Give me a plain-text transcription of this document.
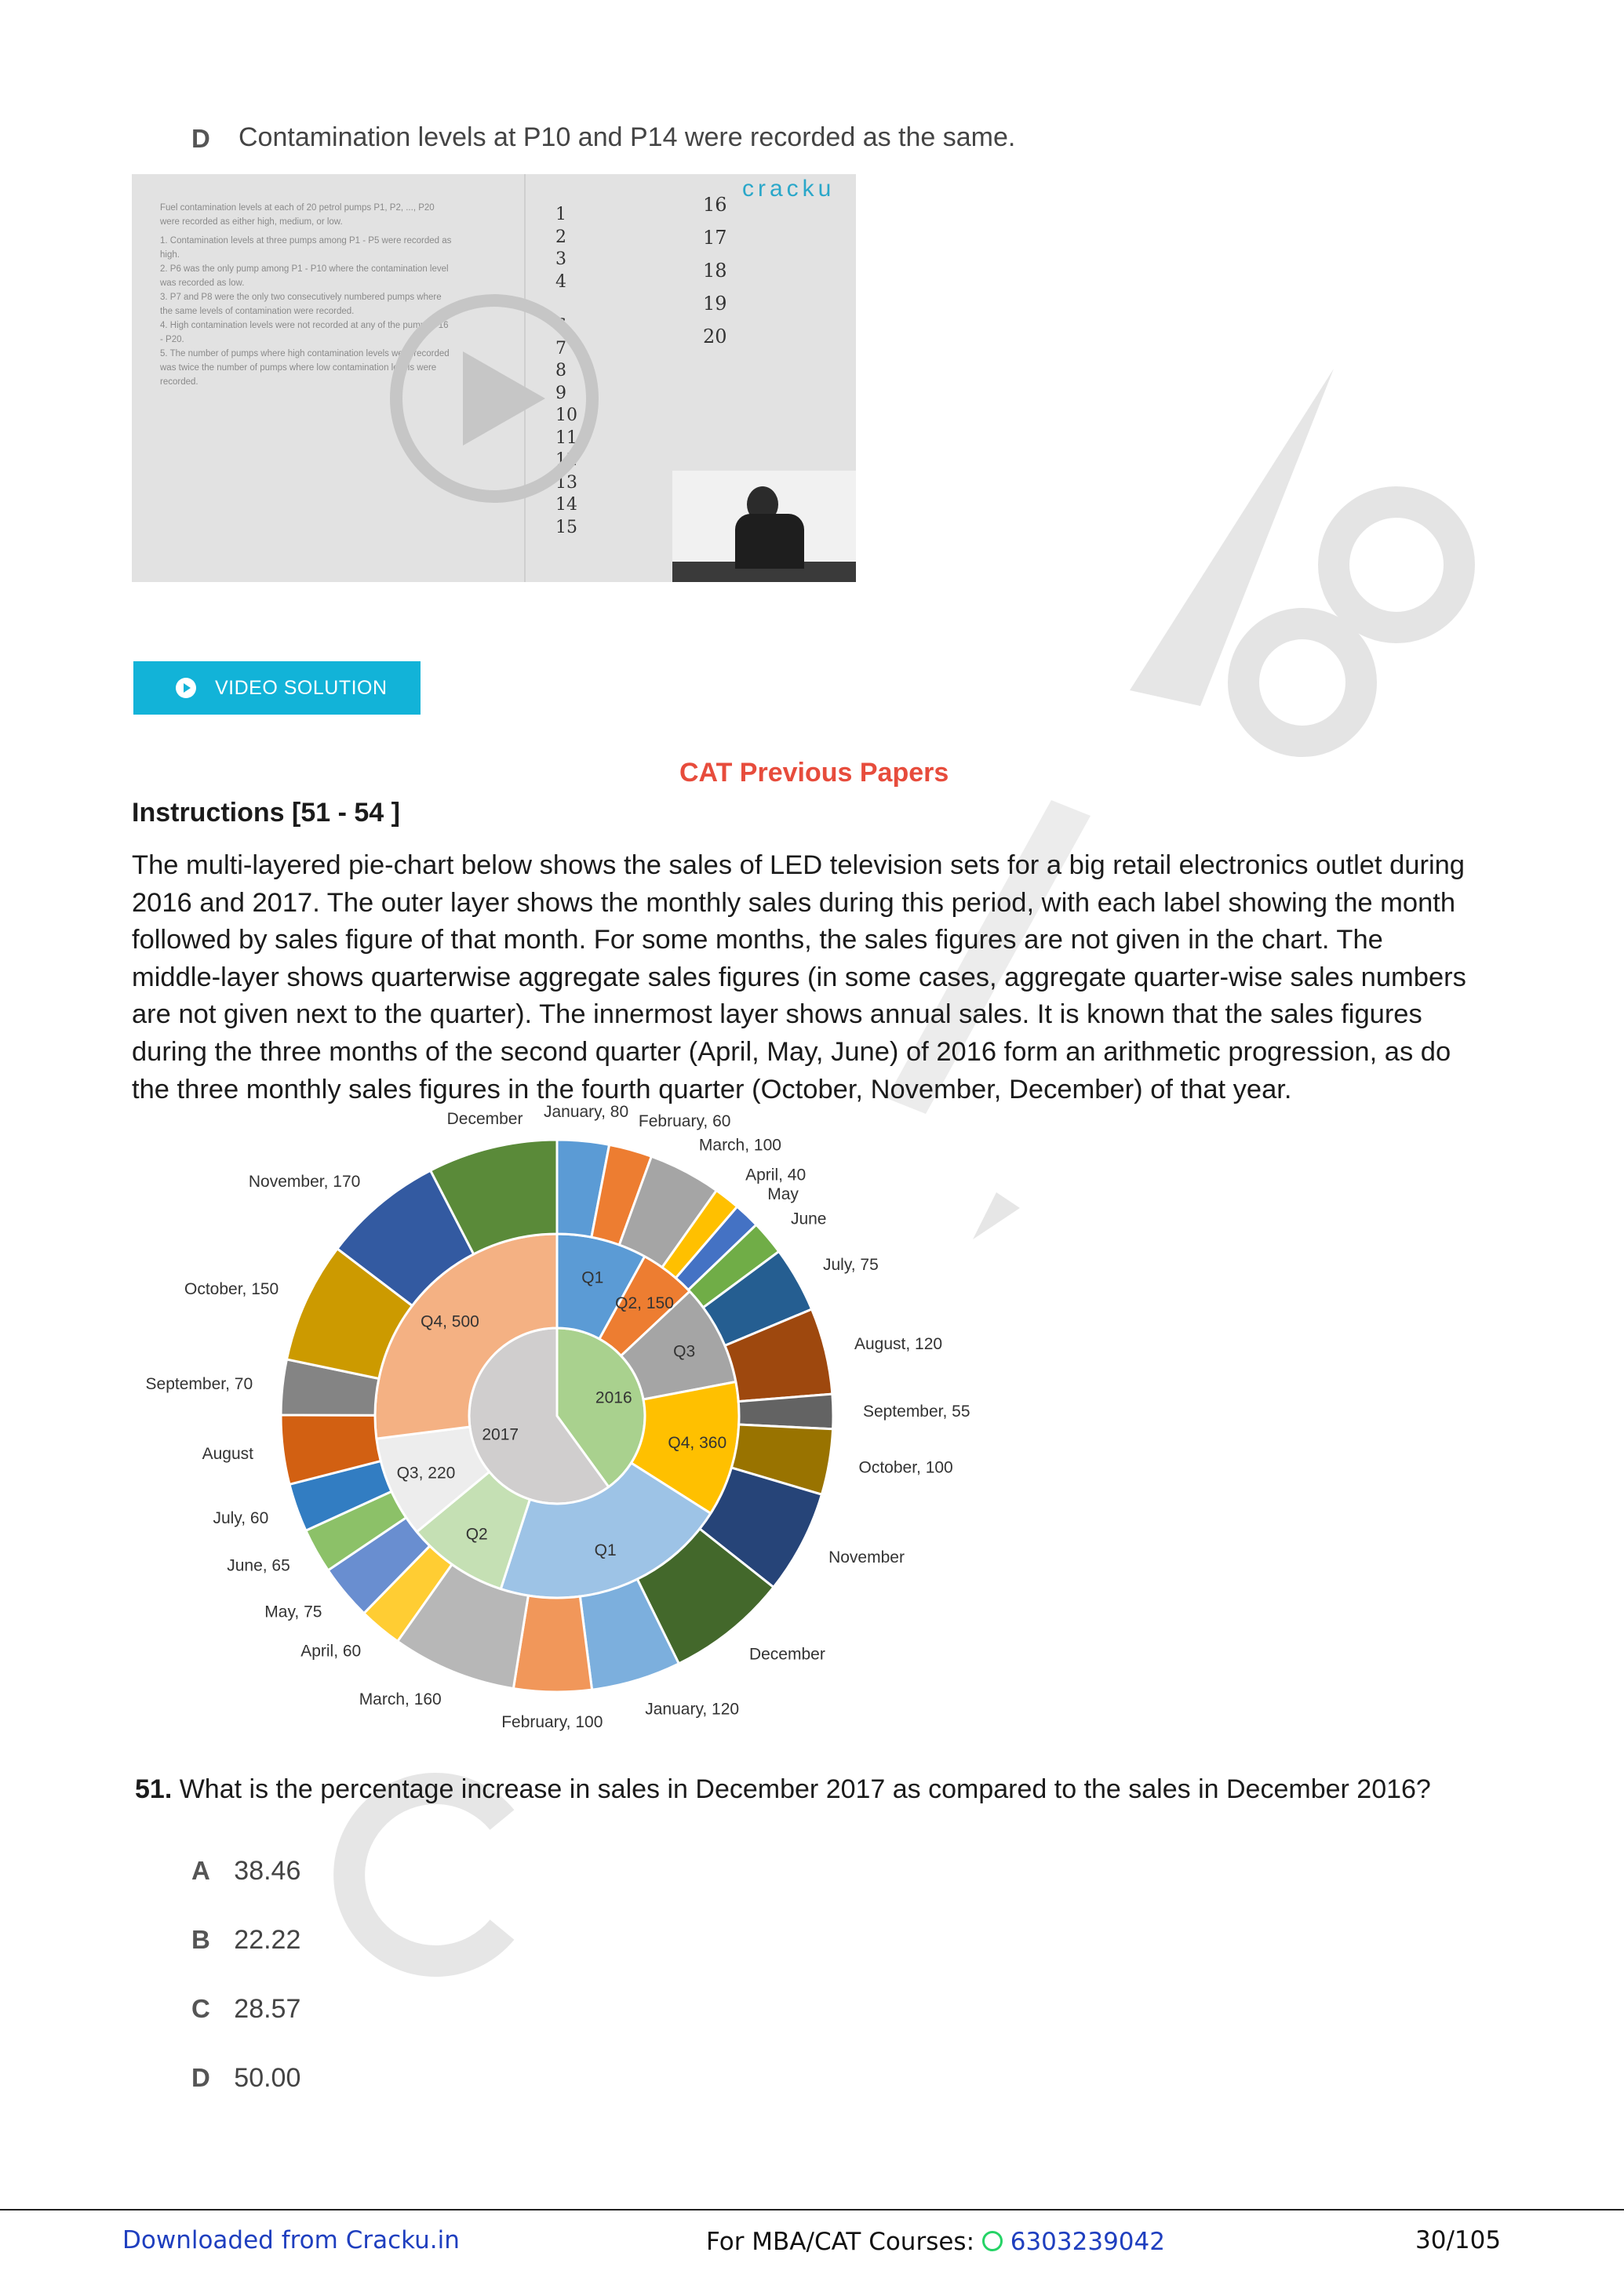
D Contamination levels at P10 and P14 were recorded as the same.
cracku
Fuel contamination levels at each of 20 petrol pumps P1, P2, ..., P20
were recorded as either high, medium, or low.
1. Contamination levels at three pumps among P1 - P5 were recorded as
high.
2. P6 was the only pump among P1 - P10 where the contamination level
was recorded as low.
3. P7 and P8 were the only two consecutively numbered pumps where
the same levels of contamination were recorded.
4. High contamination levels were not recorded at any of the pumps P16
- P20.
5. The number of pumps where high contamination levels were recorded
was twice the number of pumps where low contamination levels were
recorded.
1
2
3
4
6
7
8
9
10
11
12
13
14
15
16
17
18
19
20
VIDEO SOLUTION
CAT Previous Papers
Instructions [51 - 54 ]
The multi-layered pie-chart below shows the sales of LED television sets for a big retail electronics outlet during
2016 and 2017. The outer layer shows the monthly sales during this period, with each label showing the month
followed by sales figure of that month. For some months, the sales figures are not given in the chart. The
middle-layer shows quarterwise aggregate sales figures (in some cases, aggregate quarter-wise sales numbers
are not given next to the quarter). The innermost layer shows annual sales. It is known that the sales figures
during the three months of the second quarter (April, May, June) of 2016 form an arithmetic progression, as do
the three monthly sales figures in the fourth quarter (October, November, December) of that year.
2016
2017
Q1
Q2, 150
Q3
Q4, 360
Q1
Q2
Q3, 220
Q4, 500
January, 80
February, 60
March, 100
April, 40
May
June
July, 75
August, 120
September, 55
October, 100
November
December
January, 120
February, 100
March, 160
April, 60
May, 75
June, 65
July, 60
August
September, 70
October, 150
November, 170
December
51. What is the percentage increase in sales in December 2017 as compared to the sales in December 2016?
A 38.46
B 22.22
C 28.57
D 50.00
Downloaded from Cracku.in	For MBA/CAT Courses:  6303239042	30/105
